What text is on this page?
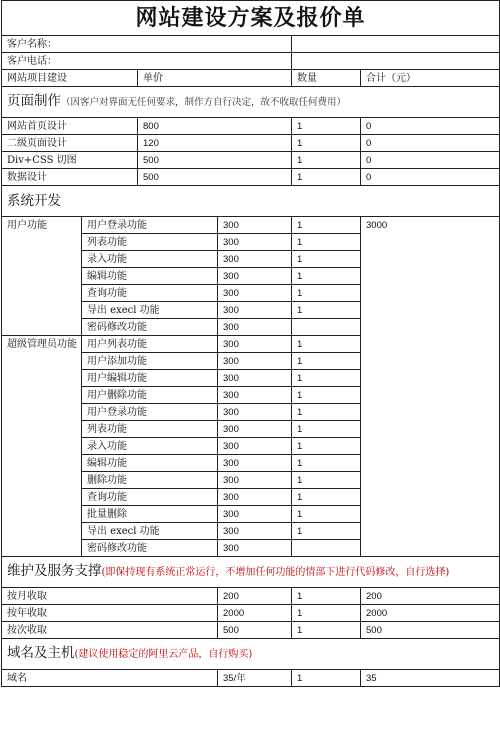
网站建设方案及报价单					
客户名称：					
客户电话：					
网站项目建设		单价		数量	合计（元）
页面制作（因客户对界面无任何要求，制作方自行决定，故不收取任何费用）					
网站首页设计		800		1	0
二级页面设计		120		1	0
Div+CSS 切图		500		1	0
数据设计		500		1	0
系统开发					
用户功能	用户登录功能		300	1	3000
	列表功能		300	1	
	录入功能		300	1	
	编辑功能		300	1	
	查询功能		300	1	
	导出 execl 功能		300	1	
	密码修改功能		300		
超级管理员功能	用户列表功能		300	1	
	用户添加功能		300	1	
	用户编辑功能		300	1	
	用户删除功能		300	1	
	用户登录功能		300	1	
	列表功能		300	1	
	录入功能		300	1	
	编辑功能		300	1	
	删除功能		300	1	
	查询功能		300	1	
	批量删除		300	1	
	导出 execl 功能		300	1	
	密码修改功能		300		
维护及服务支撑(即保持现有系统正常运行，不增加任何功能的情部下进行代码修改，自行选择)					
按月收取			200	1	200
按年收取			2000	1	2000
按次收取			500	1	500
域名及主机(建议使用稳定的阿里云产品，自行购买)					
域名			35/年	1	35
